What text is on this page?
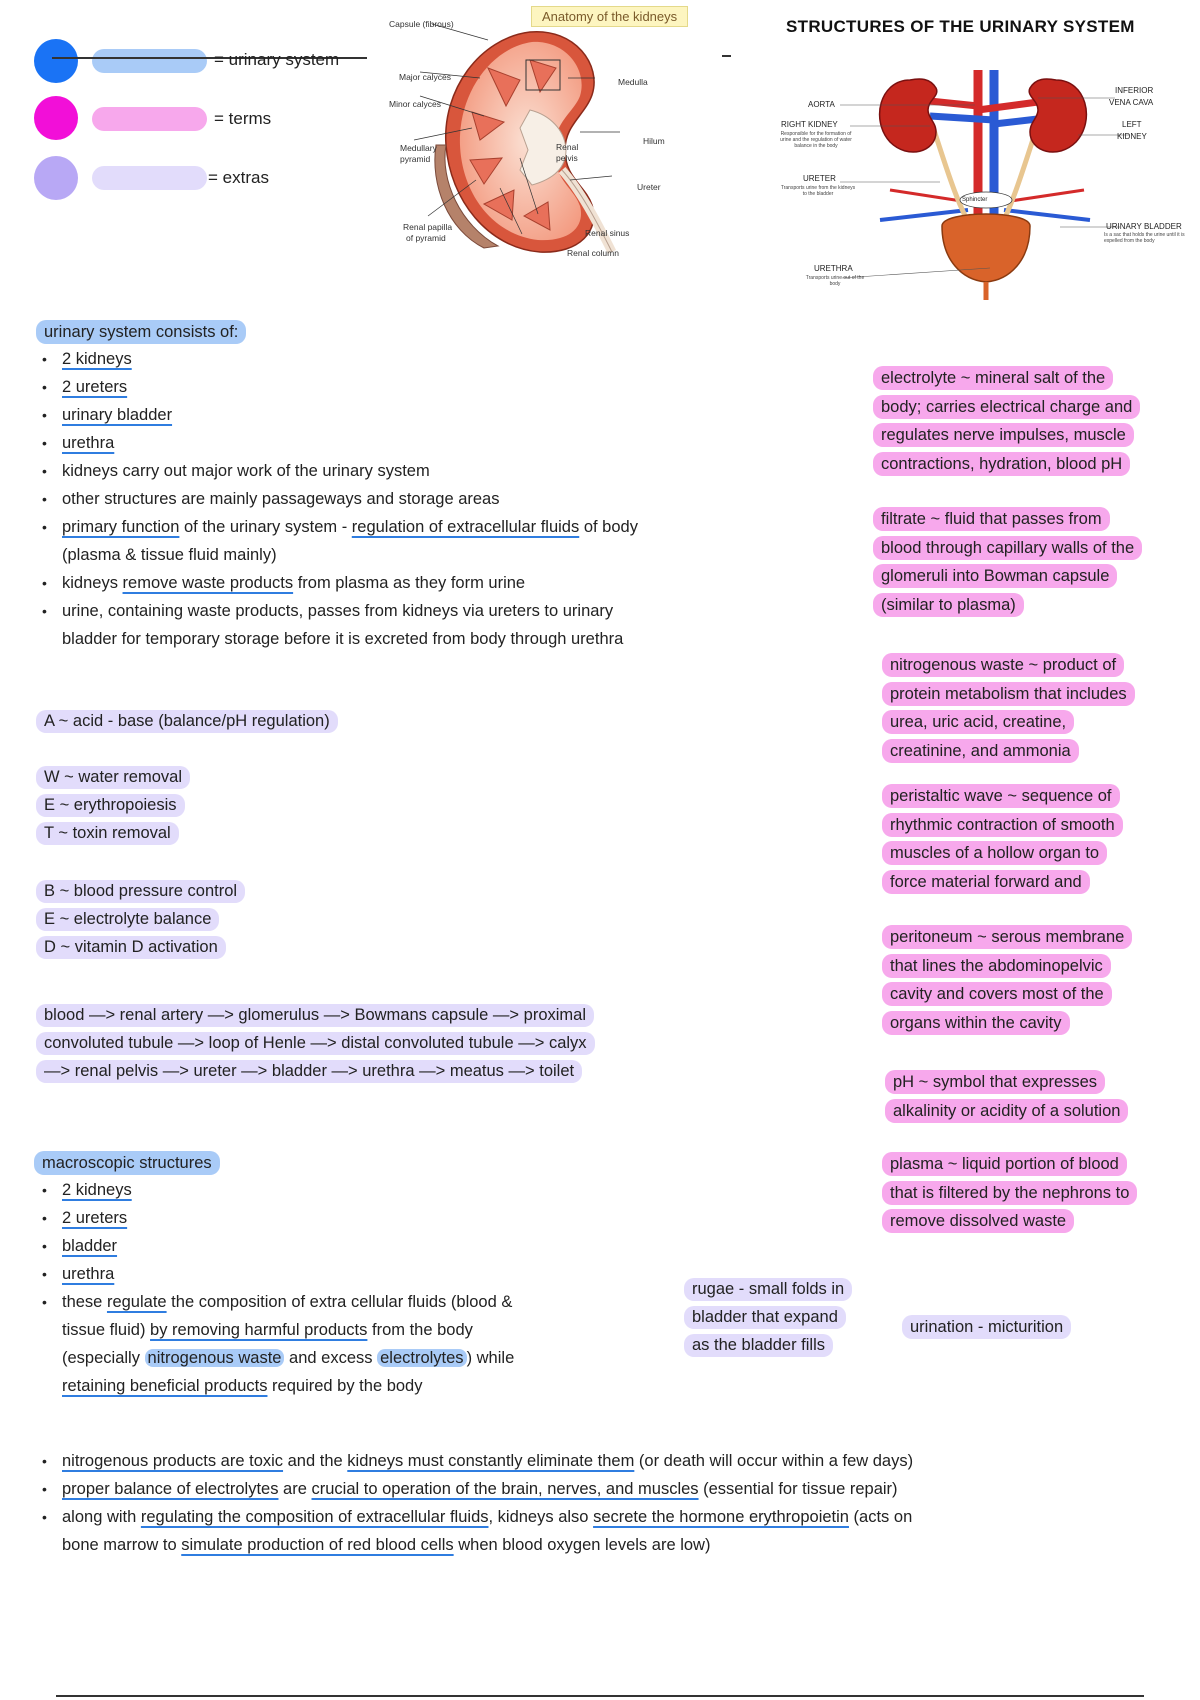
= urinary system
= terms
= extras
Anatomy of the kidneys
Capsule (fibrous)
Major calyces
Minor calyces
Medullary
pyramid
Renal papilla
of pyramid
Medulla
Renal
pelvis
Hilum
Ureter
Renal sinus
Renal column
STRUCTURES OF THE URINARY SYSTEM
Sphincter
AORTA
RIGHT KIDNEY
Responsible for the formation of urine and the regulation of water balance in the body
URETER
Transports urine from the kidneys to the bladder
URETHRA
Transports urine out of the body
INFERIOR
VENA CAVA
LEFT
KIDNEY
URINARY BLADDER
Is a sac that holds the urine until it is expelled from the body
urinary system consists of:
• 2 kidneys
• 2 ureters
• urinary bladder
• urethra
• kidneys carry out major work of the urinary system
• other structures are mainly passageways and storage areas
• primary function of the urinary system - regulation of extracellular fluids of body
(plasma & tissue fluid mainly)
• kidneys remove waste products from plasma as they form urine
• urine, containing waste products, passes from kidneys via ureters to urinary
bladder for temporary storage before it is excreted from body through urethra
A ~ acid - base (balance/pH regulation)
W ~ water removal
E ~ erythropoiesis
T ~ toxin removal
B ~ blood pressure control
E ~ electrolyte balance
D ~ vitamin D activation
blood —> renal artery —> glomerulus —> Bowmans capsule —> proximal
convoluted tubule —> loop of Henle —> distal convoluted tubule —> calyx
—> renal pelvis —> ureter —> bladder —> urethra —> meatus —> toilet
macroscopic structures
• 2 kidneys
• 2 ureters
• bladder
• urethra
• these regulate the composition of extra cellular fluids (blood &
tissue fluid) by removing harmful products from the body
(especially nitrogenous waste and excess electrolytes ) while
retaining beneficial products required by the body
rugae - small folds in
bladder that expand
as the bladder fills
urination - micturition
electrolyte ~ mineral salt of the
body; carries electrical charge and
regulates nerve impulses, muscle
contractions, hydration, blood pH
filtrate ~ fluid that passes from
blood through capillary walls of the
glomeruli into Bowman capsule
(similar to plasma)
nitrogenous waste ~ product of
protein metabolism that includes
urea, uric acid, creatine,
creatinine, and ammonia
peristaltic wave ~ sequence of
rhythmic contraction of smooth
muscles of a hollow organ to
force material forward and
peritoneum ~ serous membrane
that lines the abdominopelvic
cavity and covers most of the
organs within the cavity
pH ~ symbol that expresses
alkalinity or acidity of a solution
plasma ~ liquid portion of blood
that is filtered by the nephrons to
remove dissolved waste
• nitrogenous products are toxic and the kidneys must constantly eliminate them (or death will occur within a few days)
• proper balance of electrolytes are crucial to operation of the brain, nerves, and muscles (essential for tissue repair)
• along with regulating the composition of extracellular fluids, kidneys also secrete the hormone erythropoietin (acts on
bone marrow to simulate production of red blood cells when blood oxygen levels are low)
